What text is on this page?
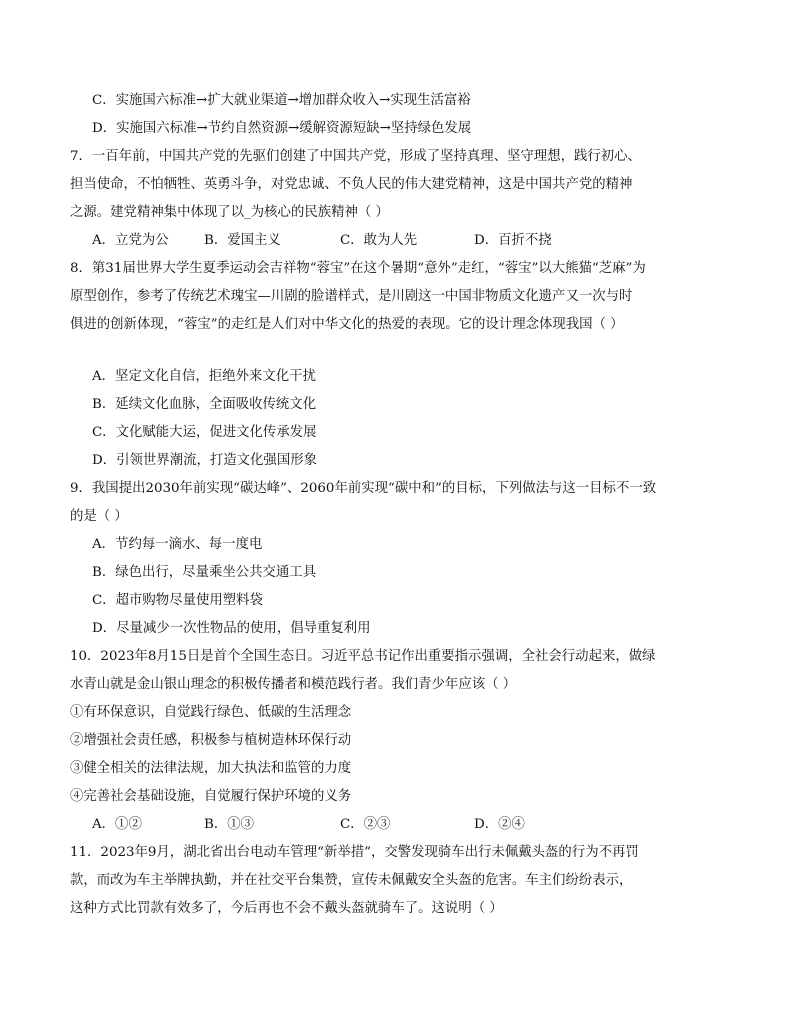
C．实施国六标准→扩大就业渠道→增加群众收入→实现生活富裕
D．实施国六标准→节约自然资源→缓解资源短缺→坚持绿色发展
7．一百年前，中国共产党的先驱们创建了中国共产党，形成了坚持真理、坚守理想，践行初心、
担当使命，不怕牺牲、英勇斗争，对党忠诚、不负人民的伟大建党精神，这是中国共产党的精神
之源。建党精神集中体现了以_为核心的民族精神（ ）
A．立党为公	B．爱国主义	C．敢为人先	D．百折不挠
8．第31届世界大学生夏季运动会吉祥物“蓉宝”在这个暑期“意外”走红，“蓉宝”以大熊猫“芝麻”为
原型创作，参考了传统艺术瑰宝—川剧的脸谱样式，是川剧这一中国非物质文化遗产又一次与时
俱进的创新体现，“蓉宝”的走红是人们对中华文化的热爱的表现。它的设计理念体现我国（ ）
A．坚定文化自信，拒绝外来文化干扰
B．延续文化血脉，全面吸收传统文化
C．文化赋能大运，促进文化传承发展
D．引领世界潮流，打造文化强国形象
9．我国提出2030年前实现“碳达峰”、2060年前实现“碳中和”的目标，下列做法与这一目标不一致
的是（ ）
A．节约每一滴水、每一度电
B．绿色出行，尽量乘坐公共交通工具
C．超市购物尽量使用塑料袋
D．尽量减少一次性物品的使用，倡导重复利用
10．2023年8月15日是首个全国生态日。习近平总书记作出重要指示强调，全社会行动起来，做绿
水青山就是金山银山理念的积极传播者和模范践行者。我们青少年应该（ ）
①有环保意识，自觉践行绿色、低碳的生活理念
②增强社会责任感，积极参与植树造林环保行动
③健全相关的法律法规，加大执法和监管的力度
④完善社会基础设施，自觉履行保护环境的义务
A．①②	B．①③	C．②③	D．②④
11．2023年9月，湖北省出台电动车管理“新举措”，交警发现骑车出行未佩戴头盔的行为不再罚
款，而改为车主举牌执勤，并在社交平台集赞，宣传未佩戴安全头盔的危害。车主们纷纷表示，
这种方式比罚款有效多了，今后再也不会不戴头盔就骑车了。这说明（ ）
